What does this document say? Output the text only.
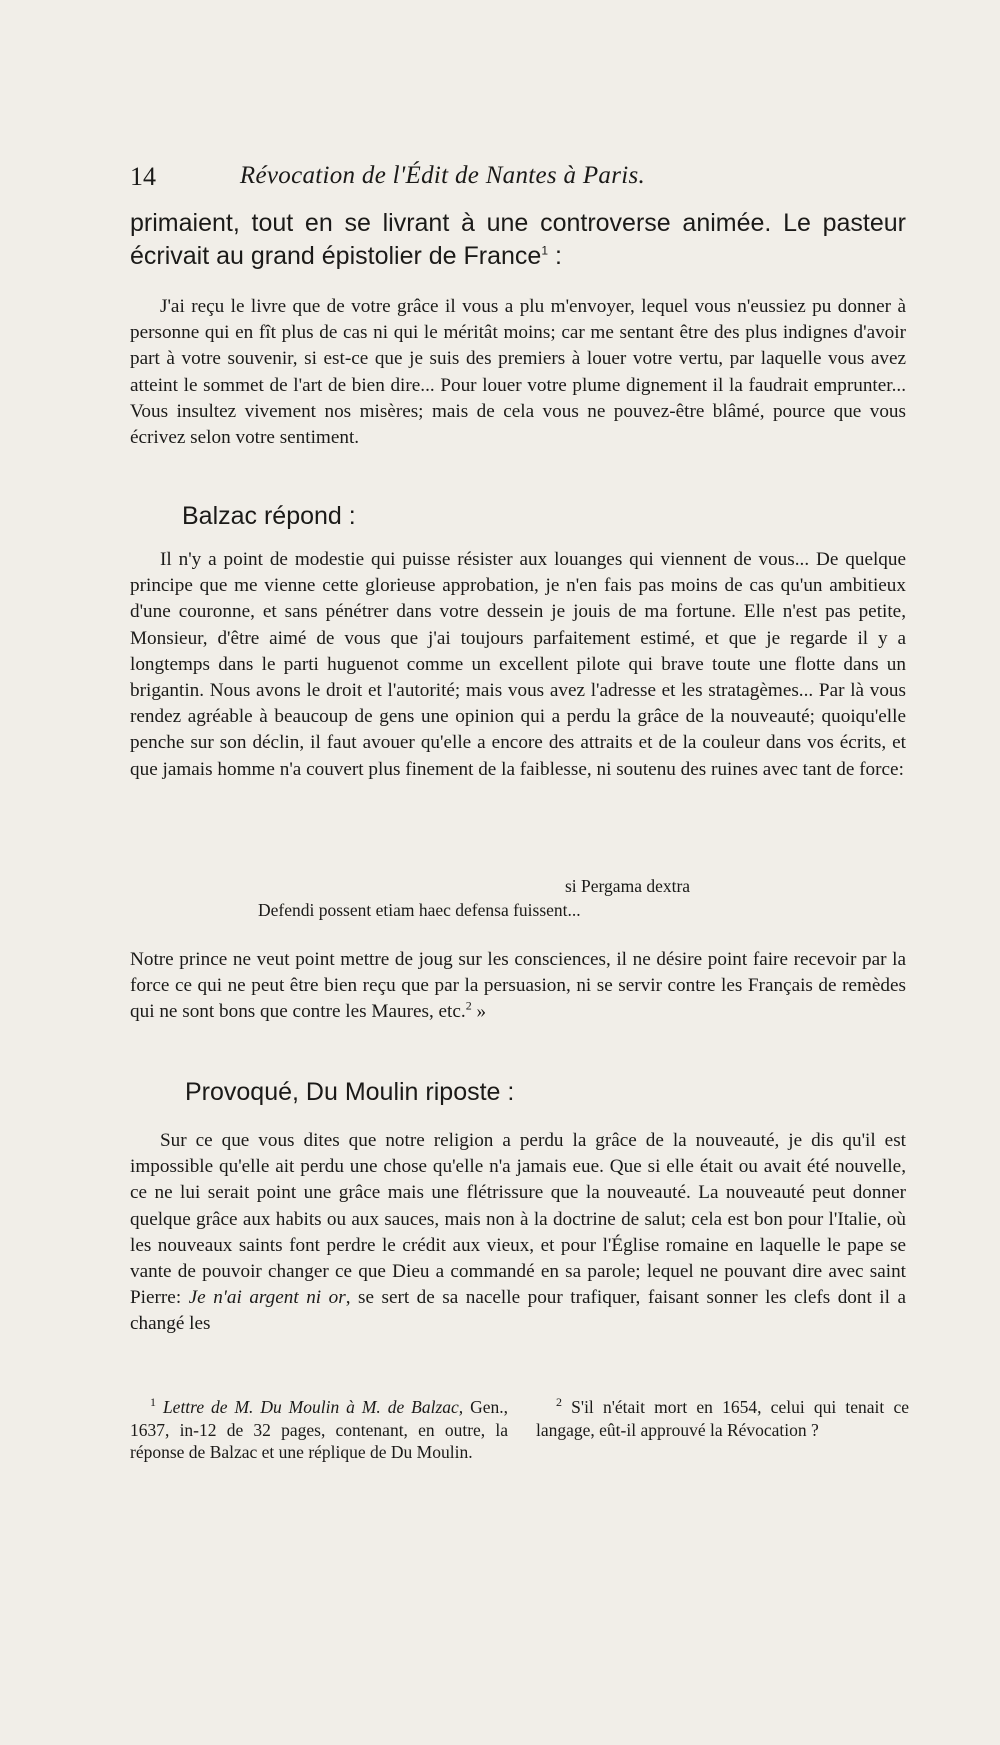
14	Révocation de l'Édit de Nantes à Paris.
primaient, tout en se livrant à une controverse animée. Le pasteur écrivait au grand épistolier de France$^1$ :
J'ai reçu le livre que de votre grâce il vous a plu m'envoyer, lequel vous n'eussiez pu donner à personne qui en fît plus de cas ni qui le méritât moins; car me sentant être des plus indignes d'avoir part à votre souvenir, si est-ce que je suis des premiers à louer votre vertu, par laquelle vous avez atteint le sommet de l'art de bien dire... Pour louer votre plume dignement il la faudrait emprunter... Vous insultez vivement nos misères; mais de cela vous ne pouvez-être blâmé, pource que vous écrivez selon votre sentiment.
Balzac répond :
Il n'y a point de modestie qui puisse résister aux louanges qui viennent de vous... De quelque principe que me vienne cette glorieuse approbation, je n'en fais pas moins de cas qu'un ambitieux d'une couronne, et sans pénétrer dans votre dessein je jouis de ma fortune. Elle n'est pas petite, Monsieur, d'être aimé de vous que j'ai toujours parfaitement estimé, et que je regarde il y a longtemps dans le parti huguenot comme un excellent pilote qui brave toute une flotte dans un brigantin. Nous avons le droit et l'autorité; mais vous avez l'adresse et les stratagèmes... Par là vous rendez agréable à beaucoup de gens une opinion qui a perdu la grâce de la nouveauté; quoiqu'elle penche sur son déclin, il faut avouer qu'elle a encore des attraits et de la couleur dans vos écrits, et que jamais homme n'a couvert plus finement de la faiblesse, ni soutenu des ruines avec tant de force:
si Pergama dextra
Defendi possent etiam haec defensa fuissent...
Notre prince ne veut point mettre de joug sur les consciences, il ne désire point faire recevoir par la force ce qui ne peut être bien reçu que par la persuasion, ni se servir contre les Français de remèdes qui ne sont bons que contre les Maures, etc.$^2$ »
Provoqué, Du Moulin riposte :
Sur ce que vous dites que notre religion a perdu la grâce de la nouveauté, je dis qu'il est impossible qu'elle ait perdu une chose qu'elle n'a jamais eue. Que si elle était ou avait été nouvelle, ce ne lui serait point une grâce mais une flétrissure que la nouveauté. La nouveauté peut donner quelque grâce aux habits ou aux sauces, mais non à la doctrine de salut; cela est bon pour l'Italie, où les nouveaux saints font perdre le crédit aux vieux, et pour l'Église romaine en laquelle le pape se vante de pouvoir changer ce que Dieu a commandé en sa parole; lequel ne pouvant dire avec saint Pierre: Je n'ai argent ni or, se sert de sa nacelle pour trafiquer, faisant sonner les clefs dont il a changé les
$^1$ Lettre de M. Du Moulin à M. de Balzac, Gen., 1637, in-12 de 32 pages, contenant, en outre, la réponse de Balzac et une réplique de Du Moulin.
$^2$ S'il n'était mort en 1654, celui qui tenait ce langage, eût-il approuvé la Révocation ?
